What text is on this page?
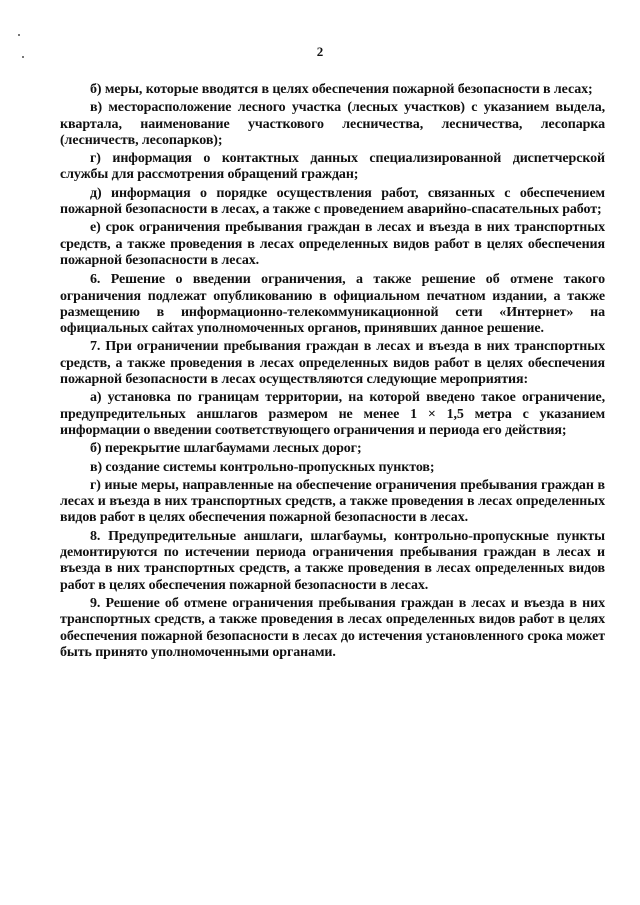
2

б) меры, которые вводятся в целях обеспечения пожарной безопасности в лесах;

в) месторасположение лесного участка (лесных участков) с указанием выдела, квартала, наименование участкового лесничества, лесничества, лесопарка (лесничеств, лесопарков);

г) информация о контактных данных специализированной диспетчерской службы для рассмотрения обращений граждан;

д) информация о порядке осуществления работ, связанных с обеспечением пожарной безопасности в лесах, а также с проведением аварийно-спасательных работ;

е) срок ограничения пребывания граждан в лесах и въезда в них транспортных средств, а также проведения в лесах определенных видов работ в целях обеспечения пожарной безопасности в лесах.

6. Решение о введении ограничения, а также решение об отмене такого ограничения подлежат опубликованию в официальном печатном издании, а также размещению в информационно-телекоммуникационной сети «Интернет» на официальных сайтах уполномоченных органов, принявших данное решение.

7. При ограничении пребывания граждан в лесах и въезда в них транспортных средств, а также проведения в лесах определенных видов работ в целях обеспечения пожарной безопасности в лесах осуществляются следующие мероприятия:

а) установка по границам территории, на которой введено такое ограничение, предупредительных аншлагов размером не менее 1 × 1,5 метра с указанием информации о введении соответствующего ограничения и периода его действия;

б) перекрытие шлагбаумами лесных дорог;

в) создание системы контрольно-пропускных пунктов;

г) иные меры, направленные на обеспечение ограничения пребывания граждан в лесах и въезда в них транспортных средств, а также проведения в лесах определенных видов работ в целях обеспечения пожарной безопасности в лесах.

8. Предупредительные аншлаги, шлагбаумы, контрольно-пропускные пункты демонтируются по истечении периода ограничения пребывания граждан в лесах и въезда в них транспортных средств, а также проведения в лесах определенных видов работ в целях обеспечения пожарной безопасности в лесах.

9. Решение об отмене ограничения пребывания граждан в лесах и въезда в них транспортных средств, а также проведения в лесах определенных видов работ в целях обеспечения пожарной безопасности в лесах до истечения установленного срока может быть принято уполномоченными органами.
